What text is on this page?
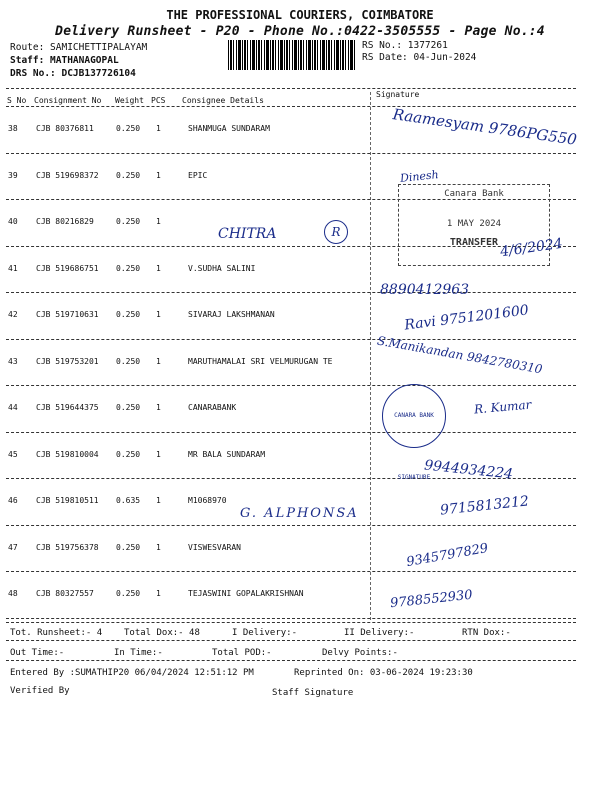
THE PROFESSIONAL COURIERS, COIMBATORE
Delivery Runsheet - P20 - Phone No.:0422-3505555 - Page No.:4
Route: SAMICHETTIPALAYAM
Staff: MATHANAGOPAL
DRS No.: DCJB137726104
RS No.: 1377261
RS Date: 04-Jun-2024
S No Consignment No Weight PCS Consignee Details
Signature
38 CJB 80376811	0.250 1	SHANMUGA SUNDARAM
39 CJB 519698372 0.250 1	EPIC
40 CJB 80216829	0.250 1
41 CJB 519686751 0.250 1	V.SUDHA SALINI
42 CJB 519710631 0.250 1	SIVARAJ LAKSHMANAN
43 CJB 519753201 0.250 1	MARUTHAMALAI SRI VELMURUGAN TE
44 CJB 519644375 0.250 1	CANARABANK
45 CJB 519810004 0.250 1	MR BALA SUNDARAM
46 CJB 519810511 0.635 1	M1068970
47 CJB 519756378 0.250 1	VISWESVARAN
48 CJB 80327557	0.250 1	TEJASWINI GOPALAKRISHNAN
Raamesyam 9786PG550
Dinesh
Canara Bank
1 MAY 2024
TRANSFER
CHITRA	R
4/6/2024
8890412963
Ravi 9751201600
S.Manikandan 9842780310
CANARA BANK SIGNATURE
R. Kumar
9944934224
G. ALPHONSA	9715813212
9345797829
9788552930
Tot. Runsheet:- 4 Total Dox:- 48	I Delivery:-	II Delivery:-	RTN Dox:-
Out Time:-	In Time:-	Total POD:-	Delvy Points:-
Entered By :SUMATHIP20 06/04/2024 12:51:12 PM	Reprinted On: 03-06-2024 19:23:30
Verified By	Staff Signature
